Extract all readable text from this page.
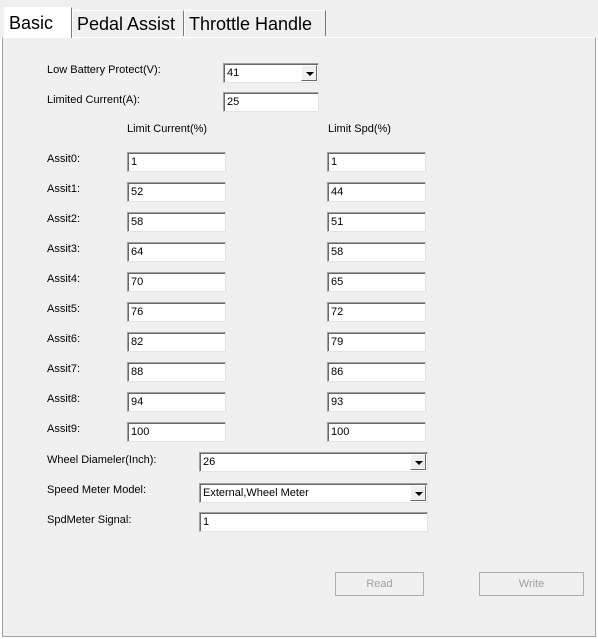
Basic	Pedal Assist Throttle Handle
Low Battery Protect(V):	41
Limited Current(A):	25
Limit Current(%)	Limit Spd(%)
Assit0:	1	1
Assit1:	52	44
Assit2:	58	51
Assit3:	64	58
Assit4:	70	65
Assit5:	76	72
Assit6:	82	79
Assit7:	88	86
Assit8:	94	93
Assit9:	100	100
Wheel Diameler(Inch):	26
Speed Meter Model:	External,Wheel Meter
SpdMeter Signal:	1
Read	Write
